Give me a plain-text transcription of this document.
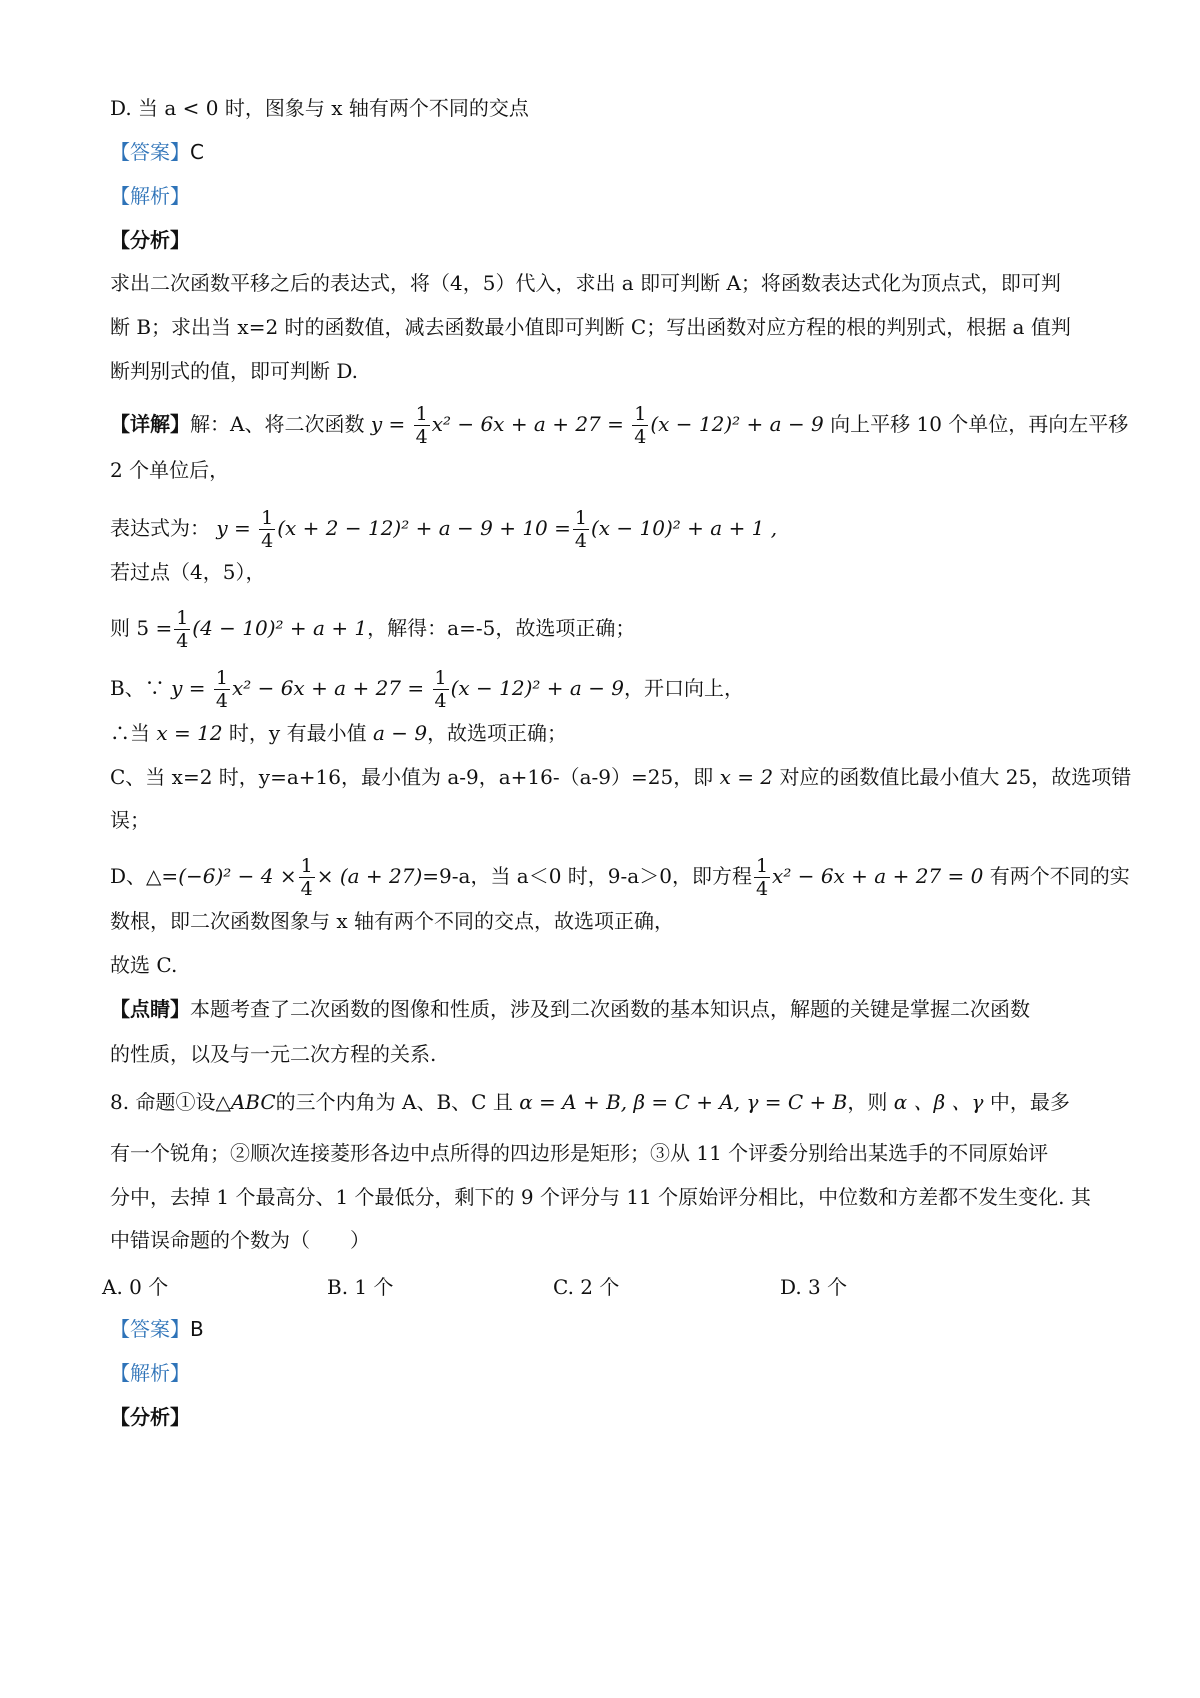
D. 当 a < 0 时，图象与 x 轴有两个不同的交点
【答案】C
【解析】
【分析】
求出二次函数平移之后的表达式，将（4，5）代入，求出 a 即可判断 A；将函数表达式化为顶点式，即可判
断 B；求出当 x=2 时的函数值，减去函数最小值即可判断 C；写出函数对应方程的根的判别式，根据 a 值判
断判别式的值，即可判断 D.
【详解】解：A、将二次函数 $y = \frac{1}{4} x^2 - 6x + a + 27 = \frac{1}{4} (x - 12)^2 + a - 9$ 向上平移 10 个单位，再向左平移
2 个单位后，
表达式为： $y = \frac{1}{4} (x + 2 - 12)^2 + a - 9 + 10 = \frac{1}{4} (x - 10)^2 + a + 1$ ,
若过点（4，5），
则 $5 = \frac{1}{4} (4 - 10)^2 + a + 1$，解得：a=-5，故选项正确；
B、∵ $y = \frac{1}{4} x^2 - 6x + a + 27 = \frac{1}{4} (x - 12)^2 + a - 9$，开口向上，
∴当 x = 12 时，y 有最小值 a − 9，故选项正确；
C、当 x=2 时，y=a+16，最小值为 a-9，a+16-（a-9）=25，即 x = 2 对应的函数值比最小值大 25，故选项错
误；
D、△=(−6)² − $4 \times \frac{1}{4} \times (a + 27)=9-a$，当 a＜0 时，9-a＞0，即方程 $\frac{1}{4} x^2 - 6x + a + 27 = 0$ 有两个不同的实
数根，即二次函数图象与 x 轴有两个不同的交点，故选项正确，
故选 C.
【点睛】本题考查了二次函数的图像和性质，涉及到二次函数的基本知识点，解题的关键是掌握二次函数
的性质，以及与一元二次方程的关系.
8. 命题①设△ABC的三个内角为 A、B、C 且 α = A + B, β = C + A, γ = C + B，则 α 、β 、γ 中，最多
有一个锐角；②顺次连接菱形各边中点所得的四边形是矩形；③从 11 个评委分别给出某选手的不同原始评
分中，去掉 1 个最高分、1 个最低分，剩下的 9 个评分与 11 个原始评分相比，中位数和方差都不发生变化. 其
中错误命题的个数为（　　）
A. 0 个	B. 1 个	C. 2 个	D. 3 个
【答案】B
【解析】
【分析】
